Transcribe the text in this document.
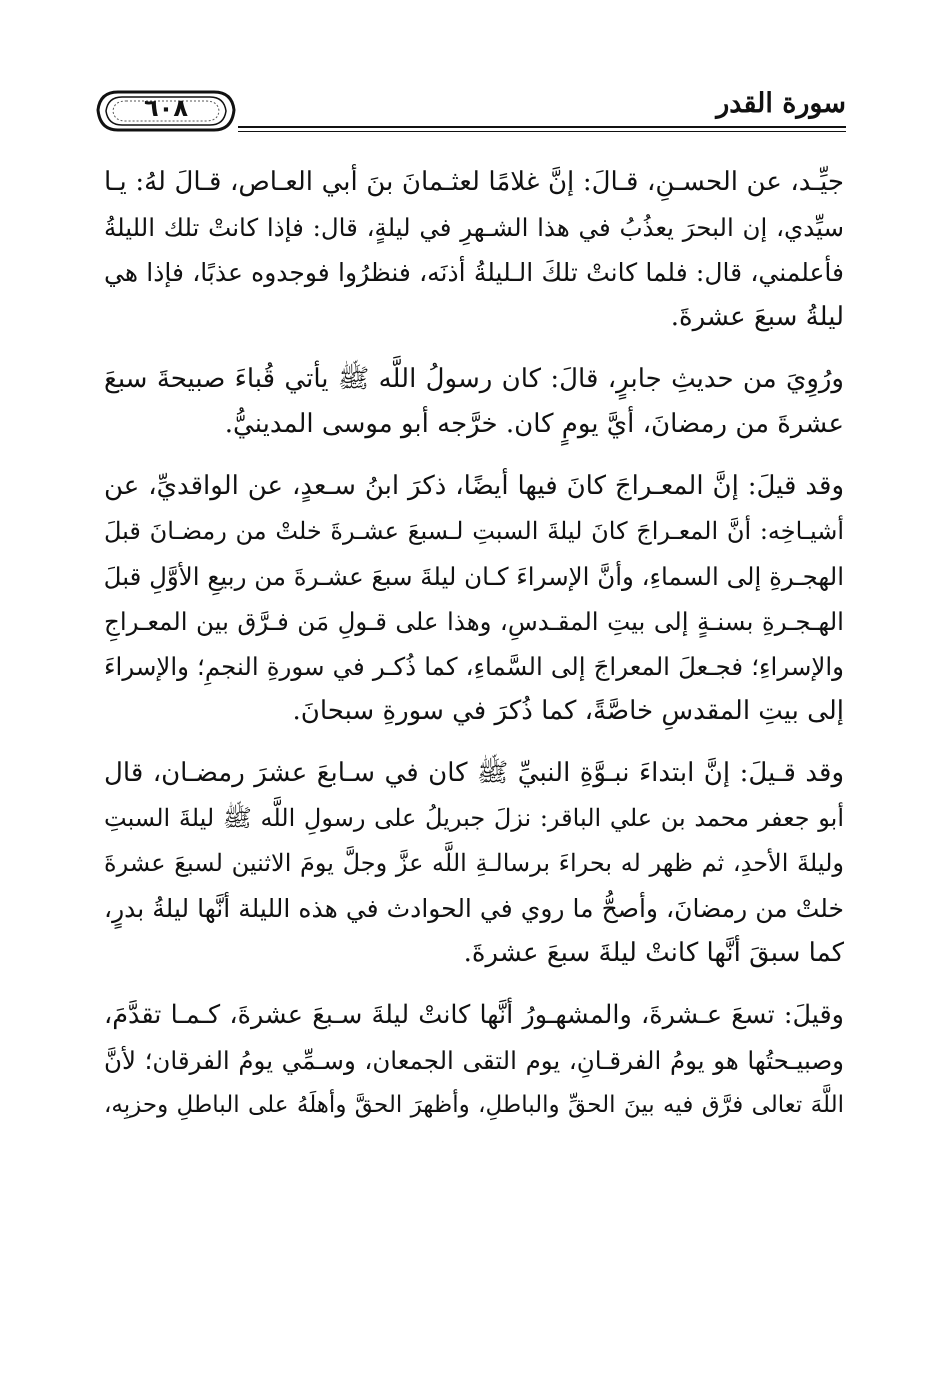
٦٠٨	سورة القدر

جيِّـد، عن الحسـنِ، قـالَ: إنَّ غلامًا لعثـمانَ بنَ أبي العـاص، قـالَ لهُ: يـا
سيِّدي، إن البحرَ يعذُبُ في هذا الشـهرِ في ليلةٍ، قال: فإذا كانتْ تلك الليلةُ
فأعلمني، قال: فلما كانتْ تلكَ الـليلةُ أذنَه، فنظرُوا فوجدوه عذبًا، فإذا هي
ليلةُ سبعَ عشرةَ.

ورُوِيَ من حديثِ جابرٍ، قالَ: كان رسولُ اللَّه ﷺ يأتي قُباءَ صبيحةَ سبعَ
عشرةَ من رمضانَ، أيَّ يومٍ كان. خرَّجه أبو موسى المدينيُّ.

وقد قيلَ: إنَّ المعـراجَ كانَ فيها أيضًا، ذكرَ ابنُ سـعدٍ، عن الواقديِّ، عن
أشيـاخِه: أنَّ المعـراجَ كانَ ليلةَ السبتِ لـسبعَ عشـرةَ خلتْ من رمضـانَ قبلَ
الهجـرةِ إلى السماءِ، وأنَّ الإسراءَ كـان ليلةَ سبعَ عشـرةَ من ربيعِ الأوَّلِ قبلَ
الهـجـرةِ بسنـةٍ إلى بيتِ المقـدسِ، وهذا على قـولِ مَن فـرَّق بين المعـراجِ
والإسراءِ؛ فجـعلَ المعراجَ إلى السَّماءِ، كما ذُكـر في سورةِ النجمِ؛ والإسراءَ
إلى بيتِ المقدسِ خاصَّةً، كما ذُكرَ في سورةِ سبحانَ.

وقد قـيلَ: إنَّ ابتداءَ نبـوَّةِ النبيِّ ﷺ كان في سـابعَ عشرَ رمضـان، قال
أبو جعفر محمد بن علي الباقر: نزلَ جبريلُ على رسولِ اللَّه ﷺ ليلةَ السبتِ
وليلةَ الأحدِ، ثم ظهر له بحراءَ برسالـةِ اللَّه عزَّ وجلَّ يومَ الاثنين لسبعَ عشرةَ
خلتْ من رمضانَ، وأصحُّ ما روي في الحوادث في هذه الليلة أنَّها ليلةُ بدرٍ،
كما سبقَ أنَّها كانتْ ليلةَ سبعَ عشرةَ.

وقيلَ: تسعَ عـشرةَ، والمشهـورُ أنَّها كانتْ ليلةَ سـبعَ عشرةَ، كـمـا تقدَّمَ،
وصبيـحتُها هو يومُ الفرقـانِ، يوم التقى الجمعان، وسـمِّي يومُ الفرقان؛ لأنَّ
اللَّهَ تعالى فرَّق فيه بينَ الحقِّ والباطلِ، وأظهرَ الحقَّ وأهلَهُ على الباطلِ وحزبِه،
